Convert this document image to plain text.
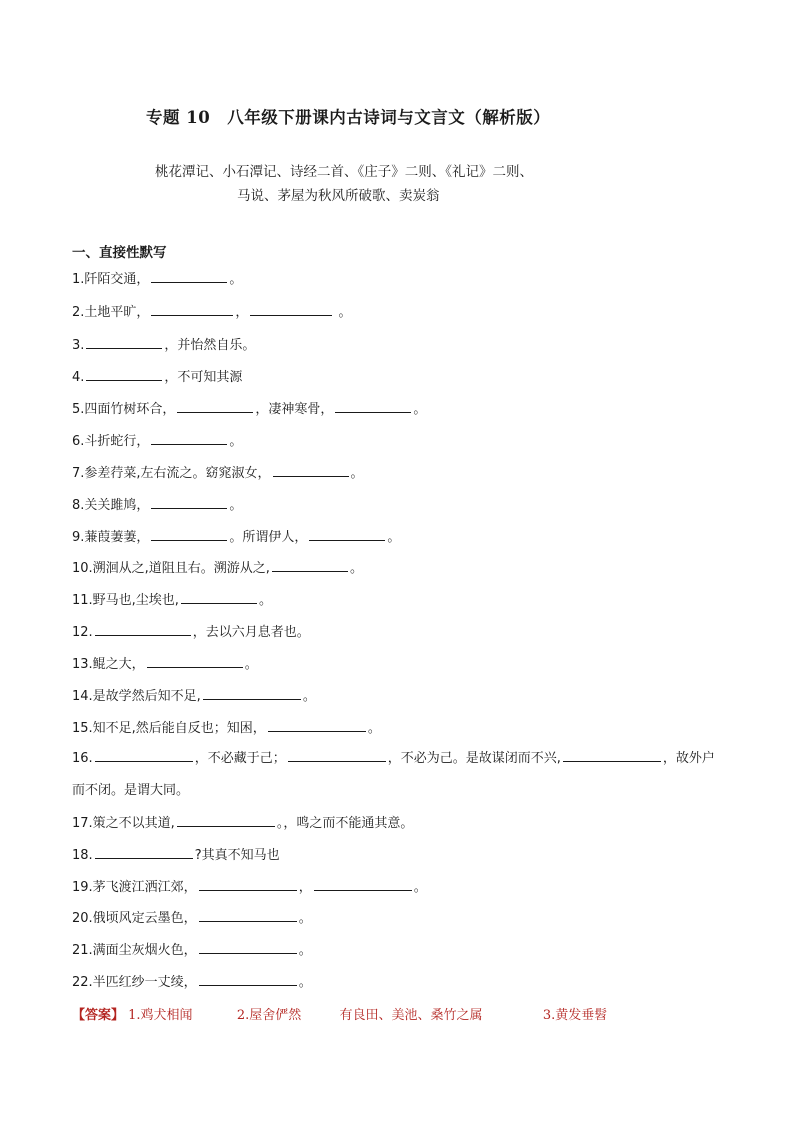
专题 10　八年级下册课内古诗词与文言文（解析版）
桃花潭记、小石潭记、诗经二首、《庄子》二则、《礼记》二则、
马说、茅屋为秋风所破歌、卖炭翁
一、直接性默写
1.阡陌交通，	。
2.土地平旷，	，	。
3.	，并怡然自乐。
4.	，不可知其源
5.四面竹树环合，	，凄神寒骨，	。
6.斗折蛇行，	。
7.参差荇菜,左右流之。窈窕淑女，	。
8.关关雎鸠，	。
9.蒹葭萋萋，	。所谓伊人，	。
10.溯洄从之,道阻且右。溯游从之,	。
11.野马也,尘埃也,	。
12.	，去以六月息者也。
13.鲲之大，	。
14.是故学然后知不足,	。
15.知不足,然后能自反也；知困，	。
16.	，不必藏于己；	，不必为己。是故谋闭而不兴,	，故外户而不闭。是谓大同。
17.策之不以其道,	。，鸣之而不能通其意。
18.	?其真不知马也
19.茅飞渡江洒江郊，	，	。
20.俄顷风定云墨色，	。
21.满面尘灰烟火色，	。
22.半匹红纱一丈绫，	。
【答案】 1.鸡犬相闻	2.屋舍俨然	有良田、美池、桑竹之属	3.黄发垂髫
